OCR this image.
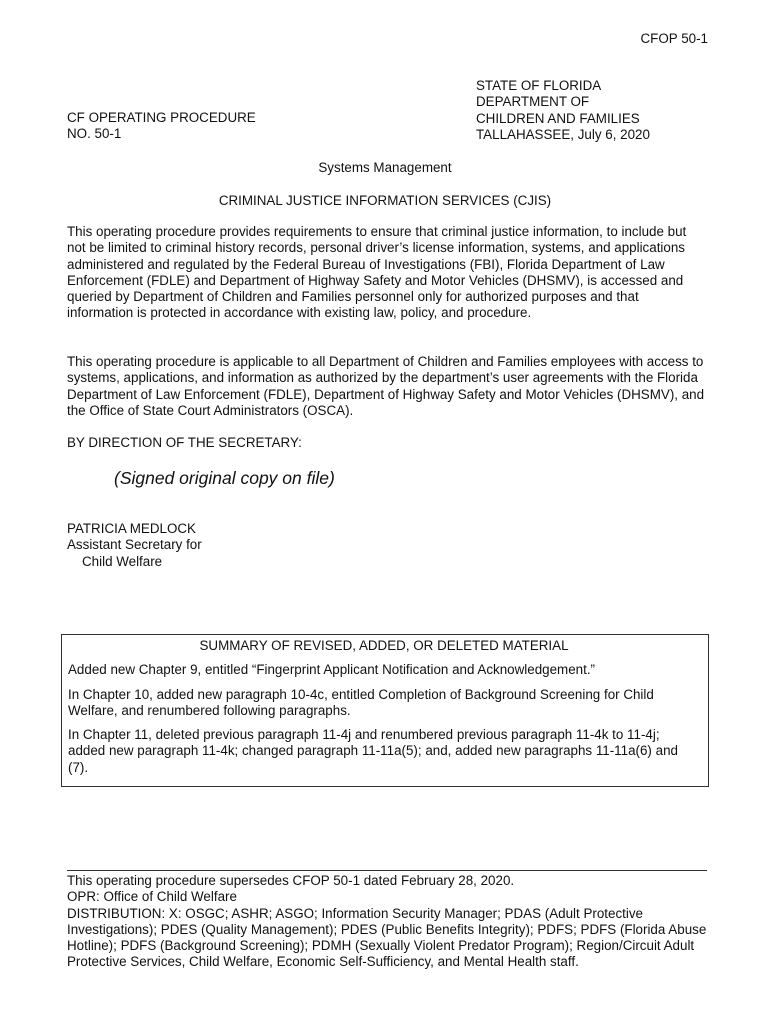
CFOP 50-1
STATE OF FLORIDA
DEPARTMENT OF
CHILDREN AND FAMILIES
TALLAHASSEE, July 6, 2020
CF OPERATING PROCEDURE
NO. 50-1
Systems Management
CRIMINAL JUSTICE INFORMATION SERVICES (CJIS)
This operating procedure provides requirements to ensure that criminal justice information, to include but not be limited to criminal history records, personal driver’s license information, systems, and applications administered and regulated by the Federal Bureau of Investigations (FBI), Florida Department of Law Enforcement (FDLE) and Department of Highway Safety and Motor Vehicles (DHSMV), is accessed and queried by Department of Children and Families personnel only for authorized purposes and that information is protected in accordance with existing law, policy, and procedure.
This operating procedure is applicable to all Department of Children and Families employees with access to systems, applications, and information as authorized by the department’s user agreements with the Florida Department of Law Enforcement (FDLE), Department of Highway Safety and Motor Vehicles (DHSMV), and the Office of State Court Administrators (OSCA).
BY DIRECTION OF THE SECRETARY:
(Signed original copy on file)
PATRICIA MEDLOCK
Assistant Secretary for
Child Welfare
SUMMARY OF REVISED, ADDED, OR DELETED MATERIAL
Added new Chapter 9, entitled “Fingerprint Applicant Notification and Acknowledgement.”
In Chapter 10, added new paragraph 10-4c, entitled Completion of Background Screening for Child Welfare, and renumbered following paragraphs.
In Chapter 11, deleted previous paragraph 11-4j and renumbered previous paragraph 11-4k to 11-4j; added new paragraph 11-4k; changed paragraph 11-11a(5); and, added new paragraphs 11-11a(6) and (7).
This operating procedure supersedes CFOP 50-1 dated February 28, 2020.
OPR: Office of Child Welfare
DISTRIBUTION: X: OSGC; ASHR; ASGO; Information Security Manager; PDAS (Adult Protective Investigations); PDES (Quality Management); PDES (Public Benefits Integrity); PDFS; PDFS (Florida Abuse Hotline); PDFS (Background Screening); PDMH (Sexually Violent Predator Program); Region/Circuit Adult Protective Services, Child Welfare, Economic Self-Sufficiency, and Mental Health staff.
